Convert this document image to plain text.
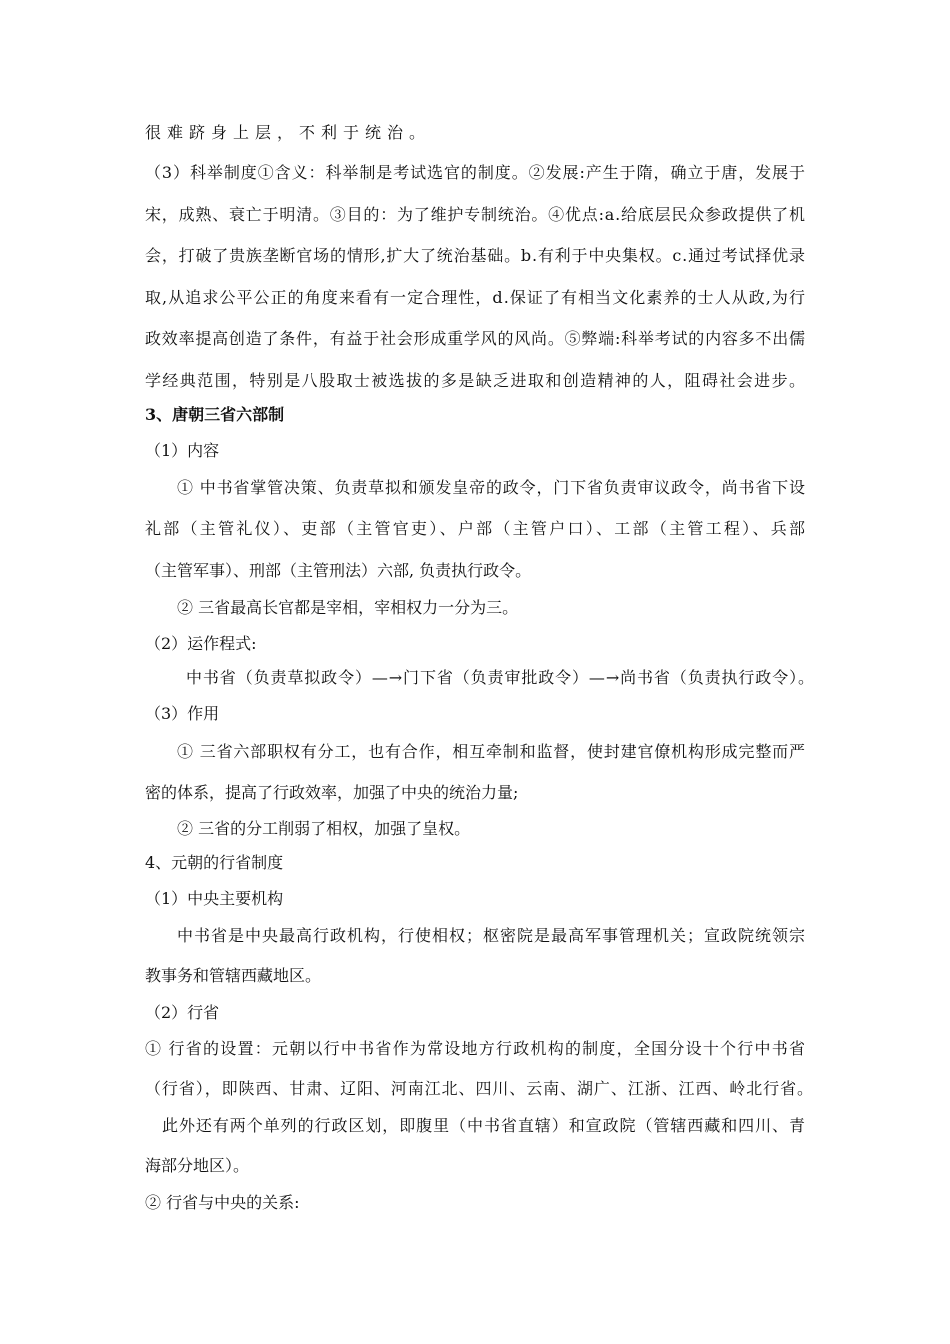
很难跻身上层，不利于统治。
（3）科举制度①含义：科举制是考试选官的制度。②发展:产生于隋，确立于唐，发展于
宋，成熟、衰亡于明清。③目的：为了维护专制统治。④优点:a.给底层民众参政提供了机
会，打破了贵族垄断官场的情形,扩大了统治基础。b.有利于中央集权。c.通过考试择优录
取,从追求公平公正的角度来看有一定合理性，d.保证了有相当文化素养的士人从政,为行
政效率提高创造了条件，有益于社会形成重学风的风尚。⑤弊端:科举考试的内容多不出儒
学经典范围，特别是八股取士被选拔的多是缺乏进取和创造精神的人，阻碍社会进步。
3、唐朝三省六部制
（1）内容
① 中书省掌管决策、负责草拟和颁发皇帝的政令，门下省负责审议政令，尚书省下设
礼部（主管礼仪）、吏部（主管官吏）、户部（主管户口）、工部（主管工程）、兵部
（主管军事）、刑部（主管刑法）六部, 负责执行政令。
② 三省最高长官都是宰相，宰相权力一分为三。
（2）运作程式:
中书省（负责草拟政令）—→门下省（负责审批政令）—→尚书省（负责执行政令）。
（3）作用
① 三省六部职权有分工，也有合作，相互牵制和监督，使封建官僚机构形成完整而严
密的体系，提高了行政效率，加强了中央的统治力量;
② 三省的分工削弱了相权，加强了皇权。
4、元朝的行省制度
（1）中央主要机构
中书省是中央最高行政机构，行使相权；枢密院是最高军事管理机关；宣政院统领宗
教事务和管辖西藏地区。
（2）行省
① 行省的设置：元朝以行中书省作为常设地方行政机构的制度，全国分设十个行中书省
（行省），即陕西、甘肃、辽阳、河南江北、四川、云南、湖广、江浙、江西、岭北行省。
此外还有两个单列的行政区划，即腹里（中书省直辖）和宣政院（管辖西藏和四川、青
海部分地区）。
② 行省与中央的关系:
